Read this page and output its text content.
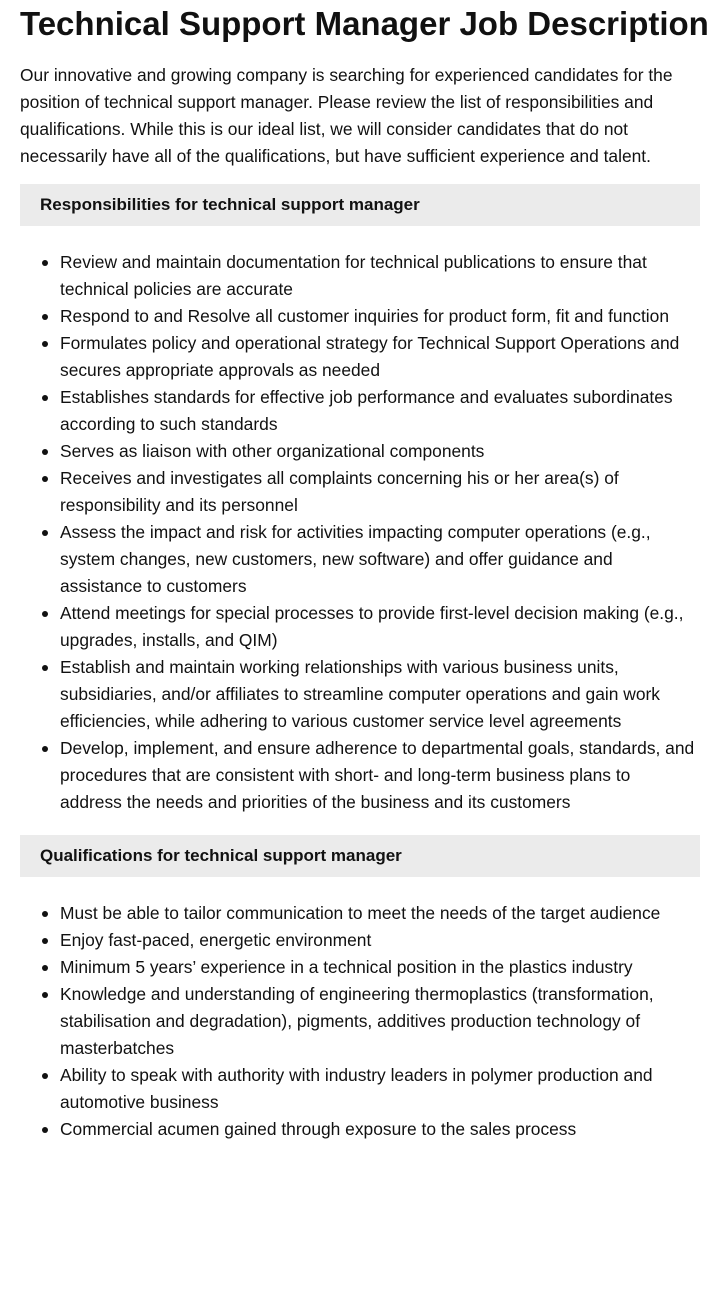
Technical Support Manager Job Description

Our innovative and growing company is searching for experienced candidates for the position of technical support manager. Please review the list of responsibilities and qualifications. While this is our ideal list, we will consider candidates that do not necessarily have all of the qualifications, but have sufficient experience and talent.

Responsibilities for technical support manager
Review and maintain documentation for technical publications to ensure that technical policies are accurate
Respond to and Resolve all customer inquiries for product form, fit and function
Formulates policy and operational strategy for Technical Support Operations and secures appropriate approvals as needed
Establishes standards for effective job performance and evaluates subordinates according to such standards
Serves as liaison with other organizational components
Receives and investigates all complaints concerning his or her area(s) of responsibility and its personnel
Assess the impact and risk for activities impacting computer operations (e.g., system changes, new customers, new software) and offer guidance and assistance to customers
Attend meetings for special processes to provide first-level decision making (e.g., upgrades, installs, and QIM)
Establish and maintain working relationships with various business units, subsidiaries, and/or affiliates to streamline computer operations and gain work efficiencies, while adhering to various customer service level agreements
Develop, implement, and ensure adherence to departmental goals, standards, and procedures that are consistent with short- and long-term business plans to address the needs and priorities of the business and its customers
Qualifications for technical support manager
Must be able to tailor communication to meet the needs of the target audience
Enjoy fast-paced, energetic environment
Minimum 5 years’ experience in a technical position in the plastics industry
Knowledge and understanding of engineering thermoplastics (transformation, stabilisation and degradation), pigments, additives production technology of masterbatches
Ability to speak with authority with industry leaders in polymer production and automotive business
Commercial acumen gained through exposure to the sales process
